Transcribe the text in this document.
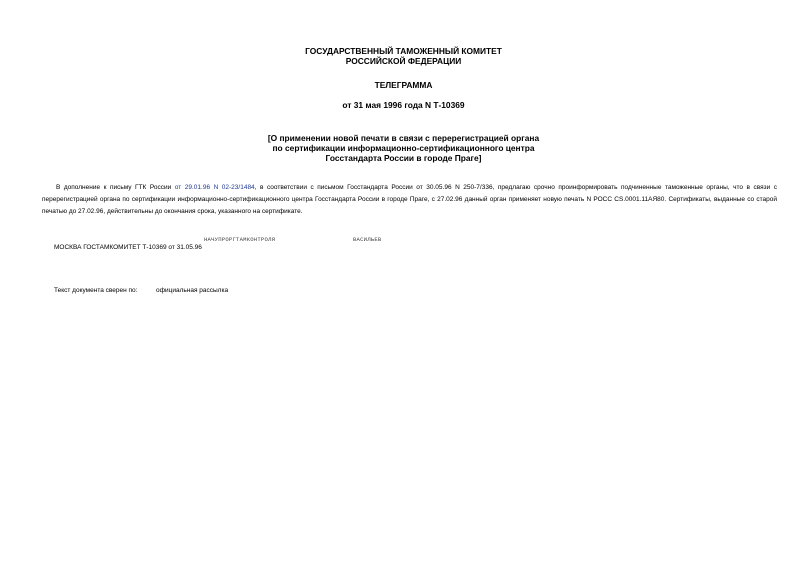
ГОСУДАРСТВЕННЫЙ ТАМОЖЕННЫЙ КОМИТЕТ
РОССИЙСКОЙ ФЕДЕРАЦИИ
ТЕЛЕГРАММА
от 31 мая 1996 года N Т-10369
[О применении новой печати в связи с перерегистрацией органа
по сертификации информационно-сертификационного центра
Госстандарта России в городе Праге]
В дополнение к письму ГТК России от 29.01.96 N 02-23/1484, в соответствии с письмом Госстандарта России от 30.05.96 N 250-7/336, предлагаю срочно проинформировать подчиненные таможенные органы, что в связи с перерегистрацией органа по сертификации информационно-сертификационного центра Госстандарта России в городе Праге, с 27.02.96 данный орган применяет новую печать N РОСС CS.0001.11АЯ80. Сертификаты, выданные со старой печатью до 27.02.96, действительны до окончания срока, указанного на сертификате.
НАЧУПРОРГТАМКОНТРОЛЯ	ВАСИЛЬЕВ
МОСКВА ГОСТАМКОМИТЕТ Т-10369 от 31.05.96
Текст документа сверен по:	официальная рассылка
